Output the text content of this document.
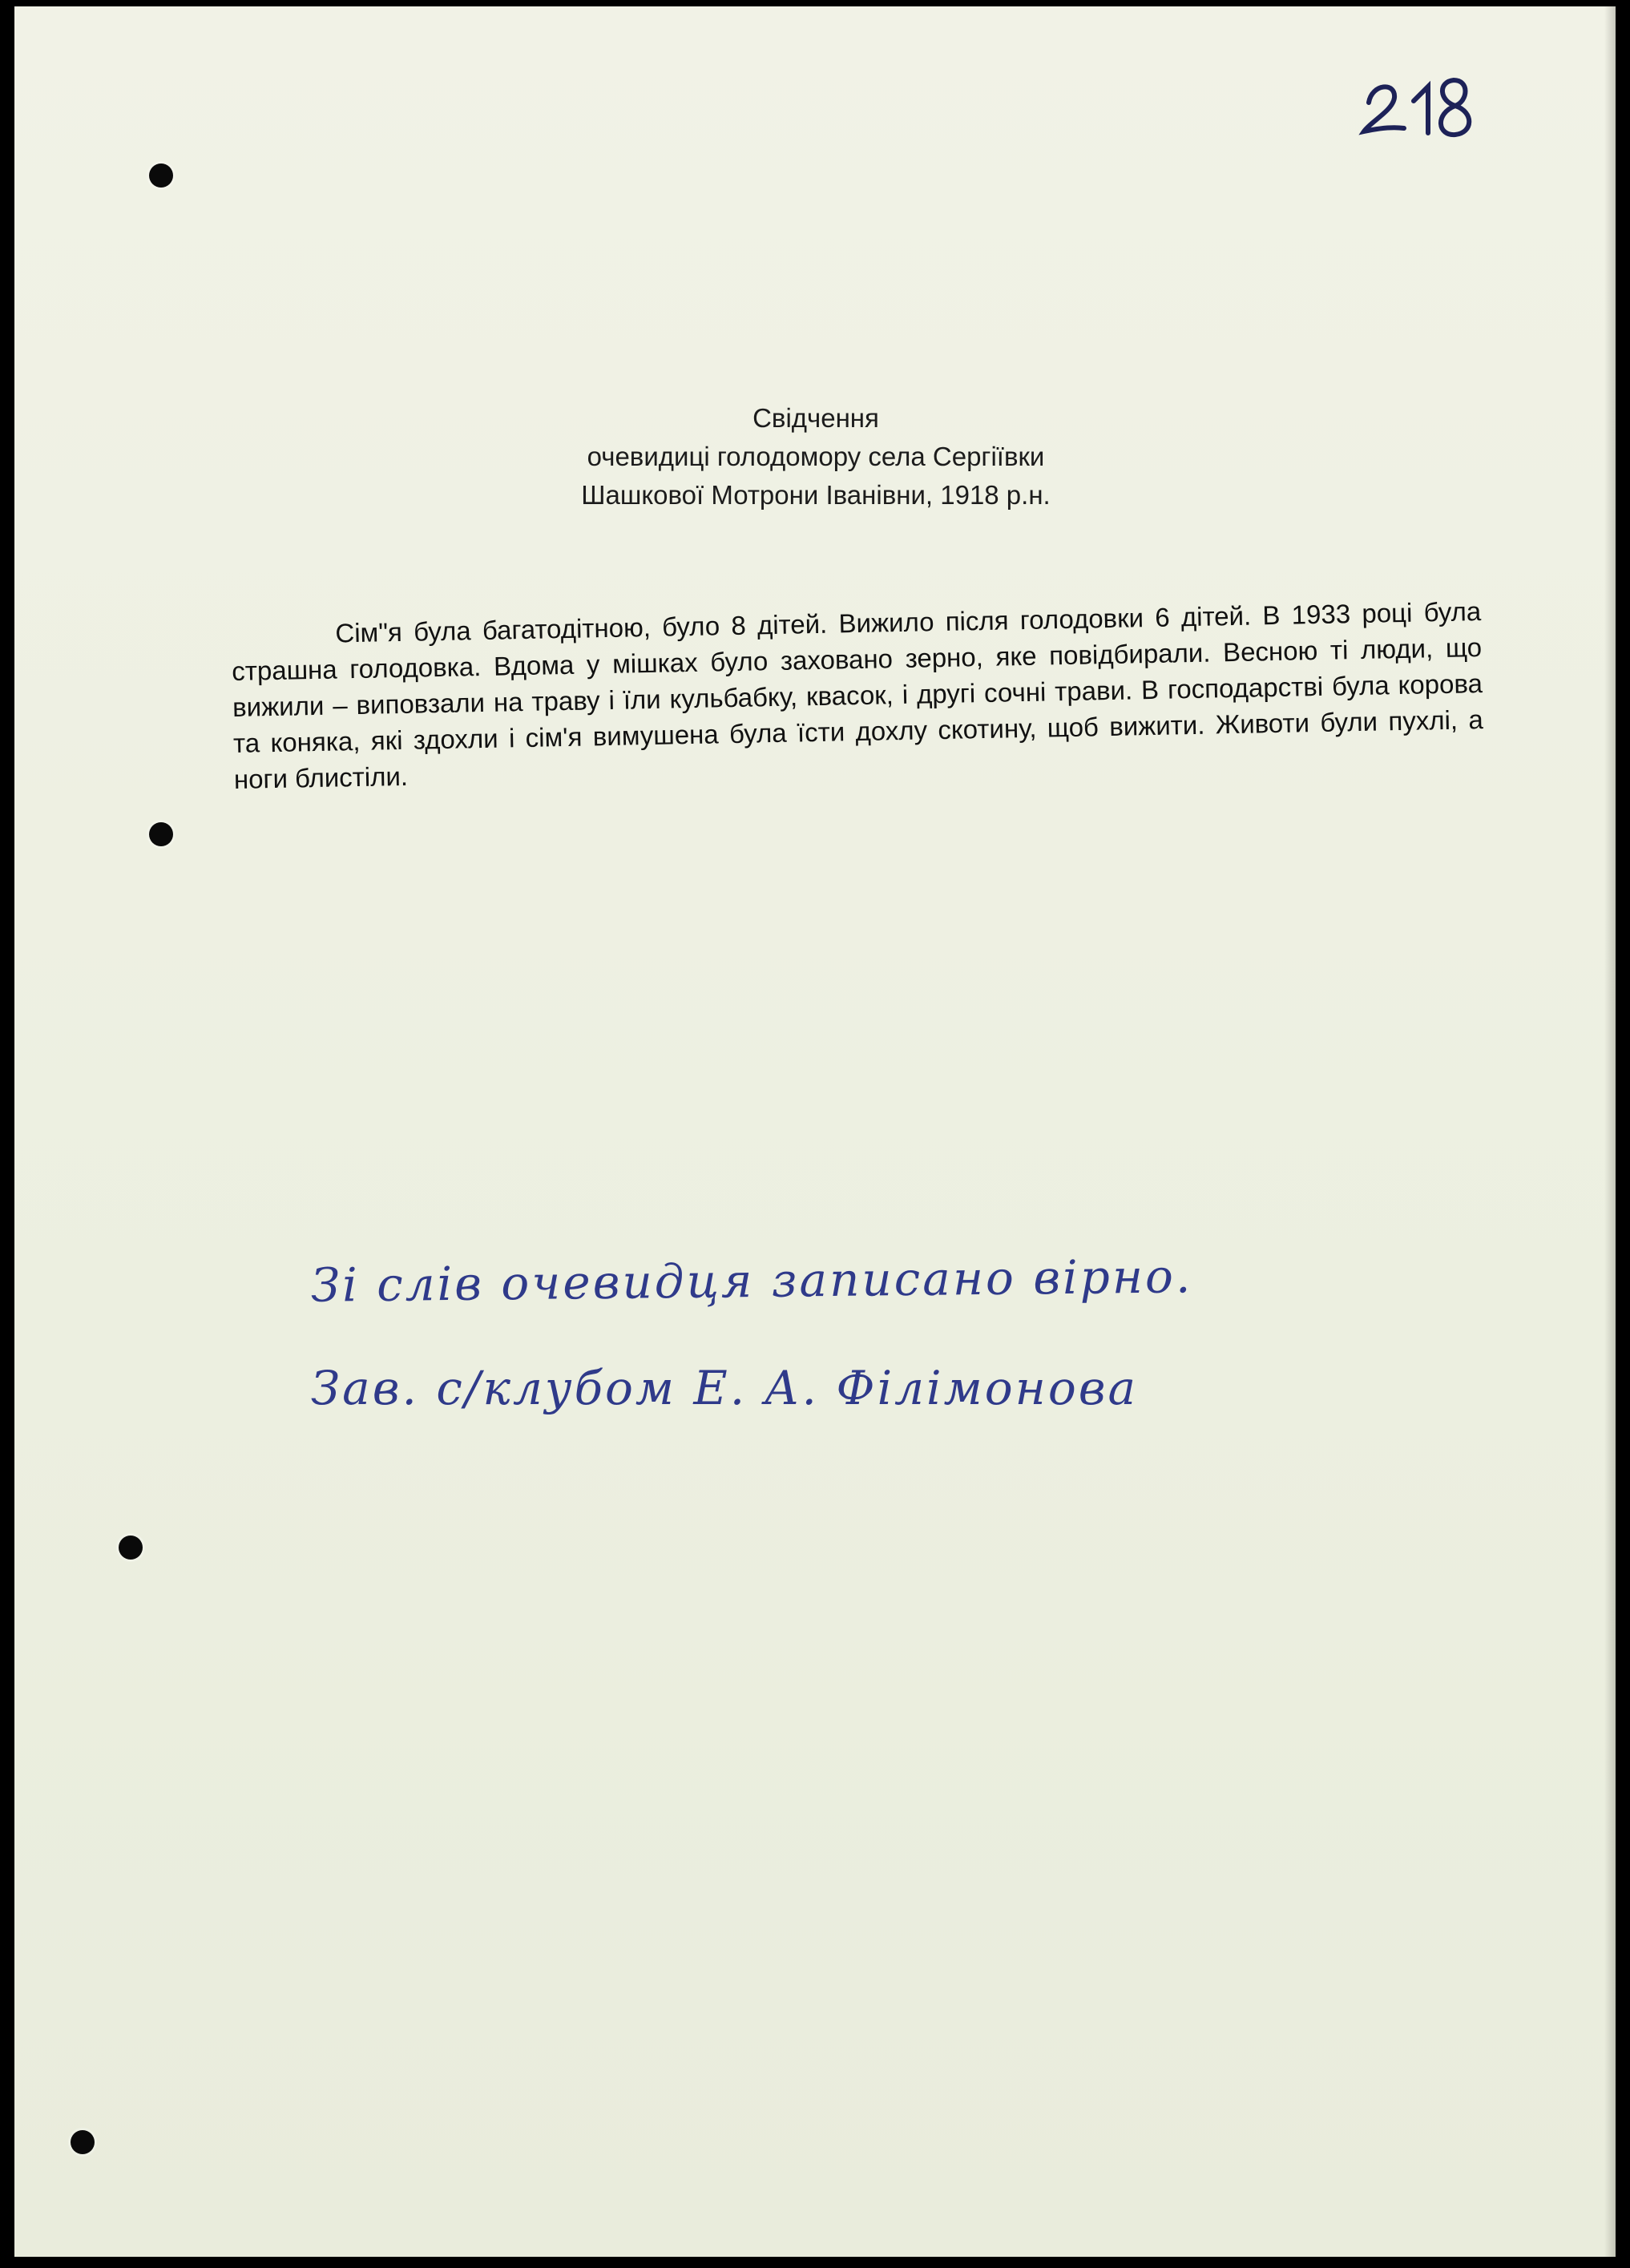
Свідчення
очевидиці голодомору села Сергіївки
Шашкової Мотрони Іванівни, 1918 р.н.
Сім"я була багатодітною, було 8 дітей. Вижило після голодовки 6 дітей. В 1933 році була страшна голодовка. Вдома у мішках було заховано зерно, яке повідбирали. Весною ті люди, що вижили – виповзали на траву і їли кульбабку, квасок, і другі сочні трави. В господарстві була корова та коняка, які здохли і сім'я вимушена була їсти дохлу скотину, щоб вижити. Животи були пухлі, а ноги блистіли.
Зі слів очевидця записано вірно.
Зав. с/клубом Е. А. Філімонова
